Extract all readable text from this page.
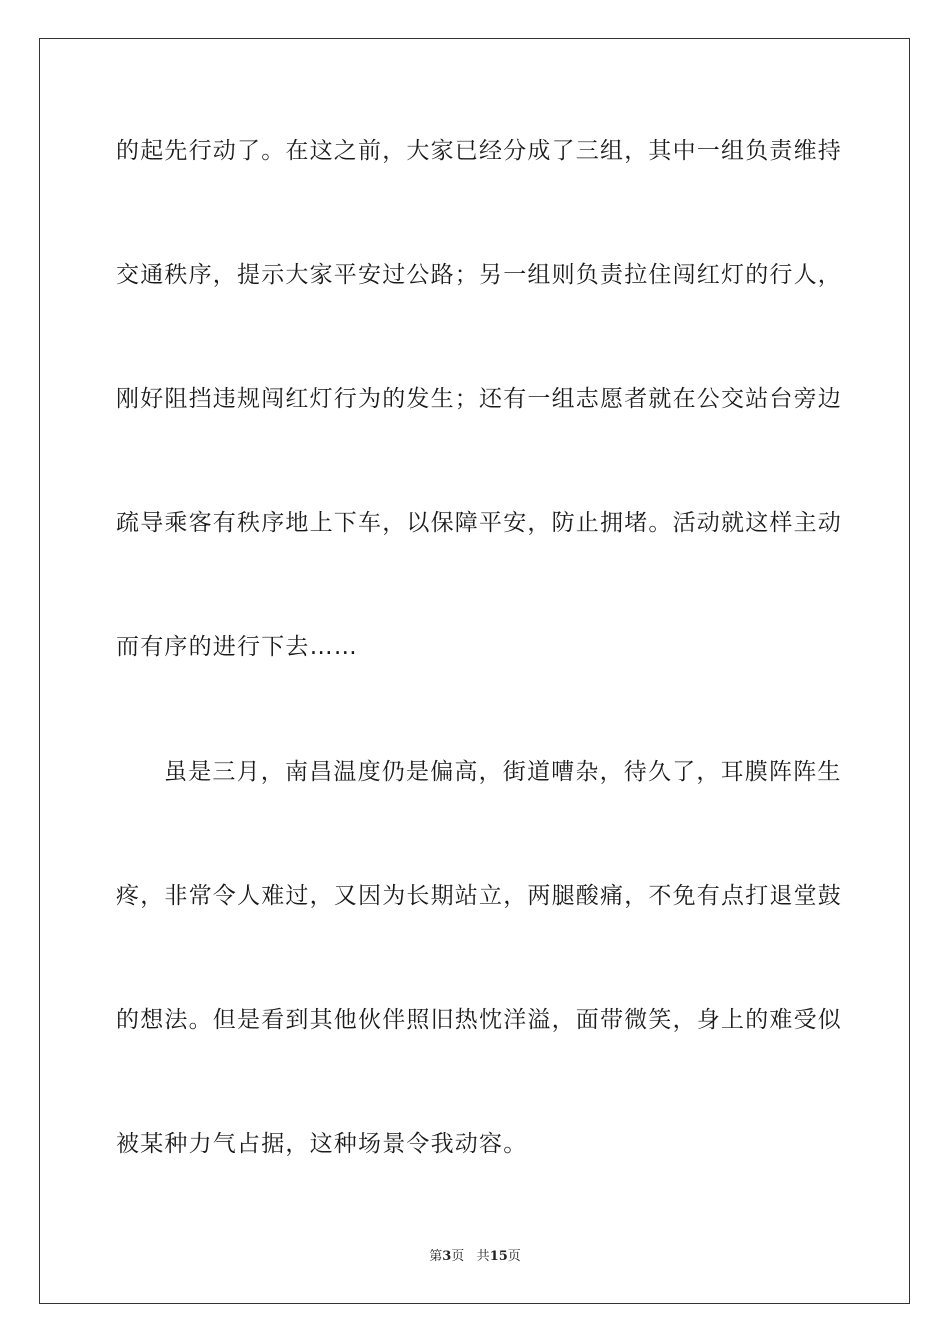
的起先行动了。在这之前，大家已经分成了三组，其中一组负责维持
交通秩序，提示大家平安过公路；另一组则负责拉住闯红灯的行人，
刚好阻挡违规闯红灯行为的发生；还有一组志愿者就在公交站台旁边
疏导乘客有秩序地上下车，以保障平安，防止拥堵。活动就这样主动
而有序的进行下去……
虽是三月，南昌温度仍是偏高，街道嘈杂，待久了，耳膜阵阵生
疼，非常令人难过，又因为长期站立，两腿酸痛，不免有点打退堂鼓
的想法。但是看到其他伙伴照旧热忱洋溢，面带微笑，身上的难受似
被某种力气占据，这种场景令我动容。
第3页 共15页
